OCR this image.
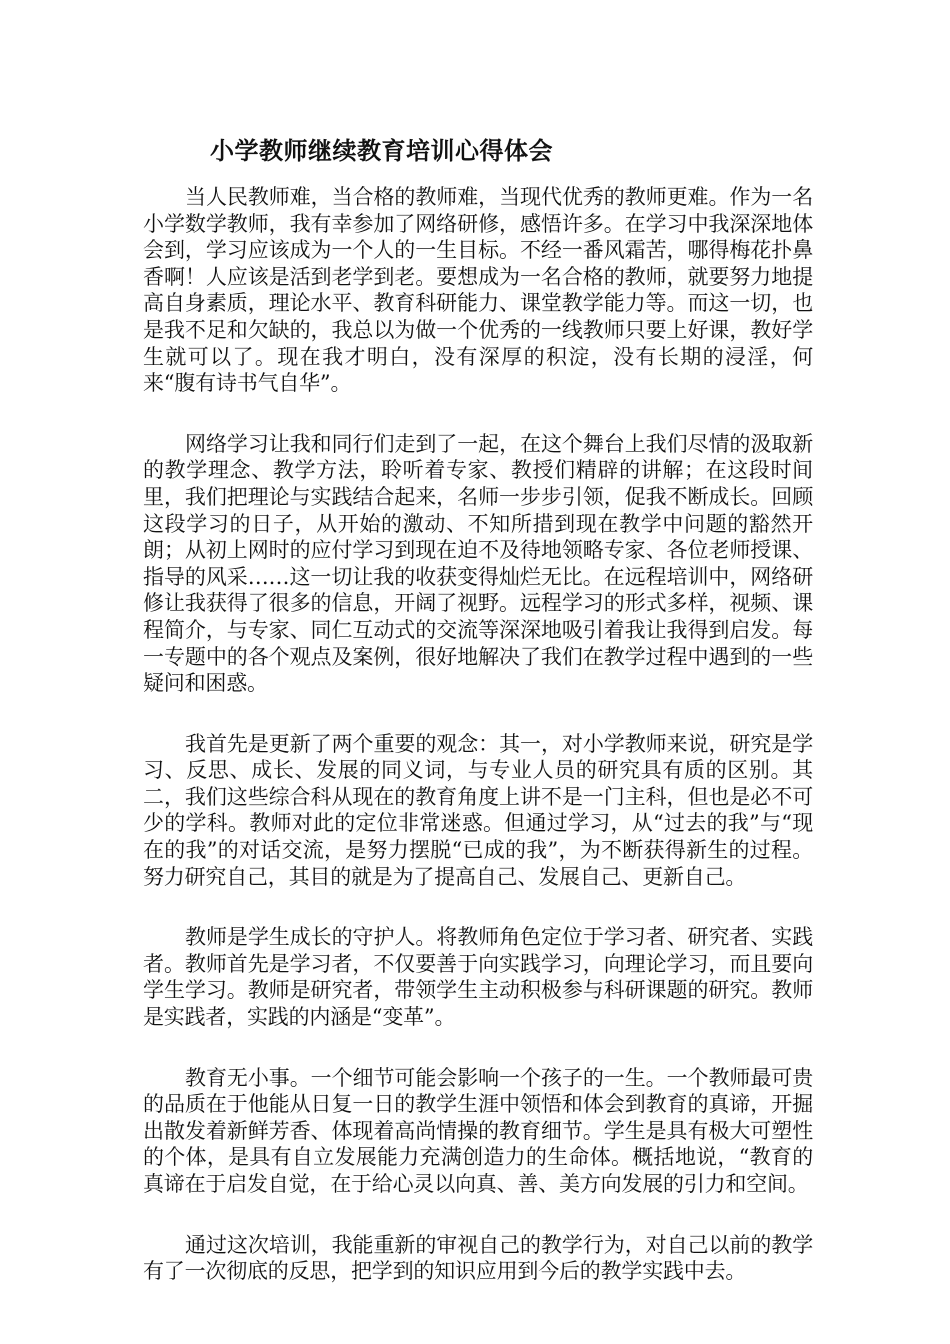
小学教师继续教育培训心得体会

当人民教师难，当合格的教师难，当现代优秀的教师更难。作为一名小学数学教师，我有幸参加了网络研修，感悟许多。在学习中我深深地体会到，学习应该成为一个人的一生目标。不经一番风霜苦，哪得梅花扑鼻香啊！人应该是活到老学到老。要想成为一名合格的教师，就要努力地提高自身素质，理论水平、教育科研能力、课堂教学能力等。而这一切，也是我不足和欠缺的，我总以为做一个优秀的一线教师只要上好课，教好学生就可以了。现在我才明白，没有深厚的积淀，没有长期的浸淫，何来“腹有诗书气自华”。

网络学习让我和同行们走到了一起，在这个舞台上我们尽情的汲取新的教学理念、教学方法，聆听着专家、教授们精辟的讲解；在这段时间里，我们把理论与实践结合起来，名师一步步引领，促我不断成长。回顾这段学习的日子，从开始的激动、不知所措到现在教学中问题的豁然开朗；从初上网时的应付学习到现在迫不及待地领略专家、各位老师授课、指导的风采……这一切让我的收获变得灿烂无比。在远程培训中，网络研修让我获得了很多的信息，开阔了视野。远程学习的形式多样，视频、课程简介，与专家、同仁互动式的交流等深深地吸引着我让我得到启发。每一专题中的各个观点及案例，很好地解决了我们在教学过程中遇到的一些疑问和困惑。

我首先是更新了两个重要的观念：其一，对小学教师来说，研究是学习、反思、成长、发展的同义词，与专业人员的研究具有质的区别。其二，我们这些综合科从现在的教育角度上讲不是一门主科，但也是必不可少的学科。教师对此的定位非常迷惑。但通过学习，从“过去的我”与“现在的我”的对话交流，是努力摆脱“已成的我”，为不断获得新生的过程。努力研究自己，其目的就是为了提高自己、发展自己、更新自己。

教师是学生成长的守护人。将教师角色定位于学习者、研究者、实践者。教师首先是学习者，不仅要善于向实践学习，向理论学习，而且要向学生学习。教师是研究者，带领学生主动积极参与科研课题的研究。教师是实践者，实践的内涵是“变革”。

教育无小事。一个细节可能会影响一个孩子的一生。一个教师最可贵的品质在于他能从日复一日的教学生涯中领悟和体会到教育的真谛，开掘出散发着新鲜芳香、体现着高尚情操的教育细节。学生是具有极大可塑性的个体，是具有自立发展能力充满创造力的生命体。概括地说，“教育的真谛在于启发自觉，在于给心灵以向真、善、美方向发展的引力和空间。

通过这次培训，我能重新的审视自己的教学行为，对自己以前的教学有了一次彻底的反思，把学到的知识应用到今后的教学实践中去。
